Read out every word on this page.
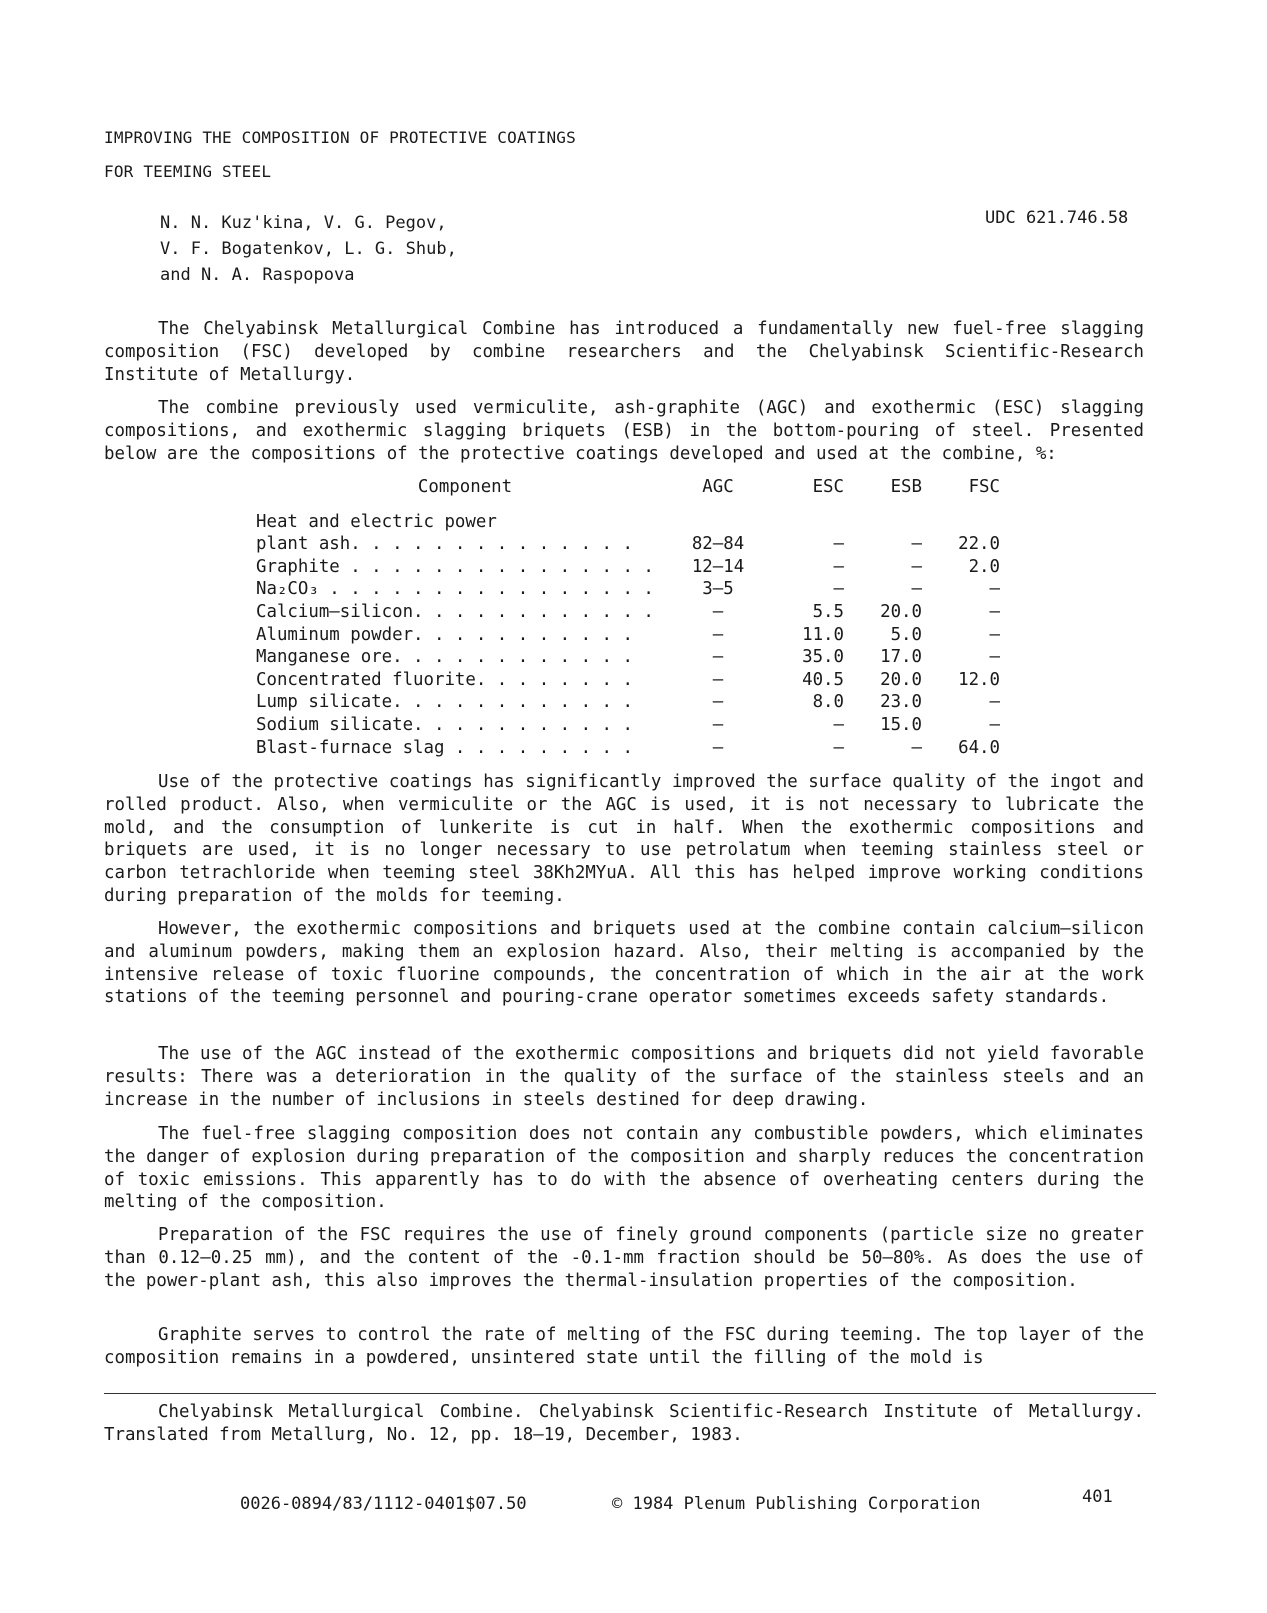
IMPROVING THE COMPOSITION OF PROTECTIVE COATINGS
FOR TEEMING STEEL
N. N. Kuz'kina, V. G. Pegov,
V. F. Bogatenkov, L. G. Shub,
and N. A. Raspopova
UDC 621.746.58

The Chelyabinsk Metallurgical Combine has introduced a fundamentally new fuel-free slagging composition (FSC) developed by combine researchers and the Chelyabinsk Scientific-Research Institute of Metallurgy.

The combine previously used vermiculite, ash-graphite (AGC) and exothermic (ESC) slagging compositions, and exothermic slagging briquets (ESB) in the bottom-pouring of steel. Presented below are the compositions of the protective coatings developed and used at the combine, %:

Component	AGC	ESC	ESB	FSC
Heat and electric power				
plant ash. . . . . . . . . . . . . .	82–84	–	–	22.0
Graphite . . . . . . . . . . . . . . .	12–14	–	–	2.0
Na₂CO₃ . . . . . . . . . . . . . . . .	3–5	–	–	–
Calcium–silicon. . . . . . . . . . . .	–	5.5	20.0	–
Aluminum powder. . . . . . . . . . .	–	11.0	5.0	–
Manganese ore. . . . . . . . . . . .	–	35.0	17.0	–
Concentrated fluorite. . . . . . . .	–	40.5	20.0	12.0
Lump silicate. . . . . . . . . . . .	–	8.0	23.0	–
Sodium silicate. . . . . . . . . . .	–	–	15.0	–
Blast-furnace slag . . . . . . . . .	–	–	–	64.0

Use of the protective coatings has significantly improved the surface quality of the ingot and rolled product. Also, when vermiculite or the AGC is used, it is not necessary to lubricate the mold, and the consumption of lunkerite is cut in half. When the exothermic compositions and briquets are used, it is no longer necessary to use petrolatum when teeming stainless steel or carbon tetrachloride when teeming steel 38Kh2MYuA. All this has helped improve working conditions during preparation of the molds for teeming.

However, the exothermic compositions and briquets used at the combine contain calcium–silicon and aluminum powders, making them an explosion hazard. Also, their melting is accompanied by the intensive release of toxic fluorine compounds, the concentration of which in the air at the work stations of the teeming personnel and pouring-crane operator sometimes exceeds safety standards.

The use of the AGC instead of the exothermic compositions and briquets did not yield favorable results: There was a deterioration in the quality of the surface of the stainless steels and an increase in the number of inclusions in steels destined for deep drawing.

The fuel-free slagging composition does not contain any combustible powders, which eliminates the danger of explosion during preparation of the composition and sharply reduces the concentration of toxic emissions. This apparently has to do with the absence of overheating centers during the melting of the composition.

Preparation of the FSC requires the use of finely ground components (particle size no greater than 0.12–0.25 mm), and the content of the -0.1-mm fraction should be 50–80%. As does the use of the power-plant ash, this also improves the thermal-insulation properties of the composition.

Graphite serves to control the rate of melting of the FSC during teeming. The top layer of the composition remains in a powdered, unsintered state until the filling of the mold is

Chelyabinsk Metallurgical Combine. Chelyabinsk Scientific-Research Institute of Metallurgy. Translated from Metallurg, No. 12, pp. 18–19, December, 1983.

0026-0894/83/1112-0401$07.50	© 1984 Plenum Publishing Corporation	401
